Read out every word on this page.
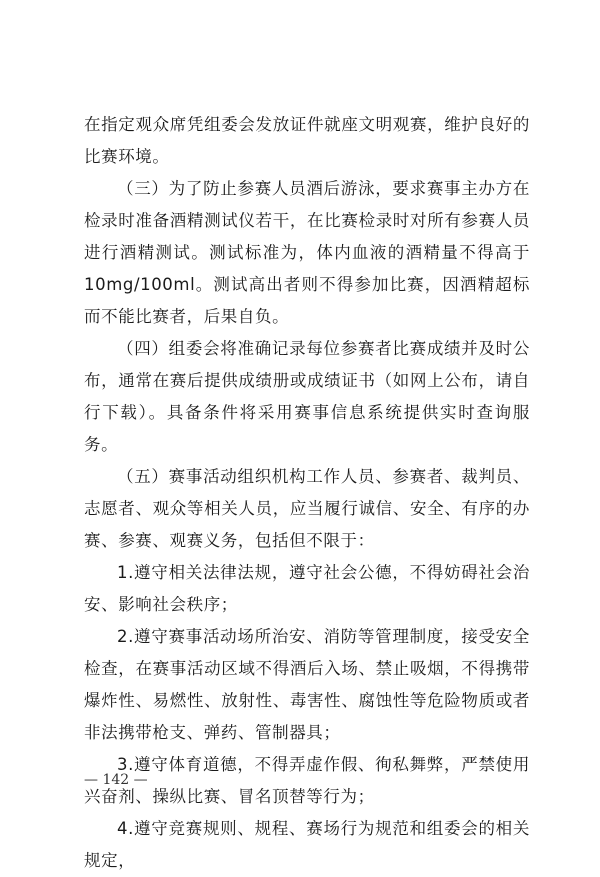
在指定观众席凭组委会发放证件就座文明观赛，维护良好的比赛环境。

（三）为了防止参赛人员酒后游泳，要求赛事主办方在检录时准备酒精测试仪若干，在比赛检录时对所有参赛人员进行酒精测试。测试标准为，体内血液的酒精量不得高于 10mg/100ml。测试高出者则不得参加比赛，因酒精超标而不能比赛者，后果自负。

（四）组委会将准确记录每位参赛者比赛成绩并及时公布，通常在赛后提供成绩册或成绩证书（如网上公布，请自行下载）。具备条件将采用赛事信息系统提供实时查询服务。

（五）赛事活动组织机构工作人员、参赛者、裁判员、志愿者、观众等相关人员，应当履行诚信、安全、有序的办赛、参赛、观赛义务，包括但不限于：

1.遵守相关法律法规，遵守社会公德，不得妨碍社会治安、影响社会秩序；

2.遵守赛事活动场所治安、消防等管理制度，接受安全检查，在赛事活动区域不得酒后入场、禁止吸烟，不得携带爆炸性、易燃性、放射性、毒害性、腐蚀性等危险物质或者非法携带枪支、弹药、管制器具；

3.遵守体育道德，不得弄虚作假、徇私舞弊，严禁使用兴奋剂、操纵比赛、冒名顶替等行为；

4.遵守竞赛规则、规程、赛场行为规范和组委会的相关规定，

— 142 —
